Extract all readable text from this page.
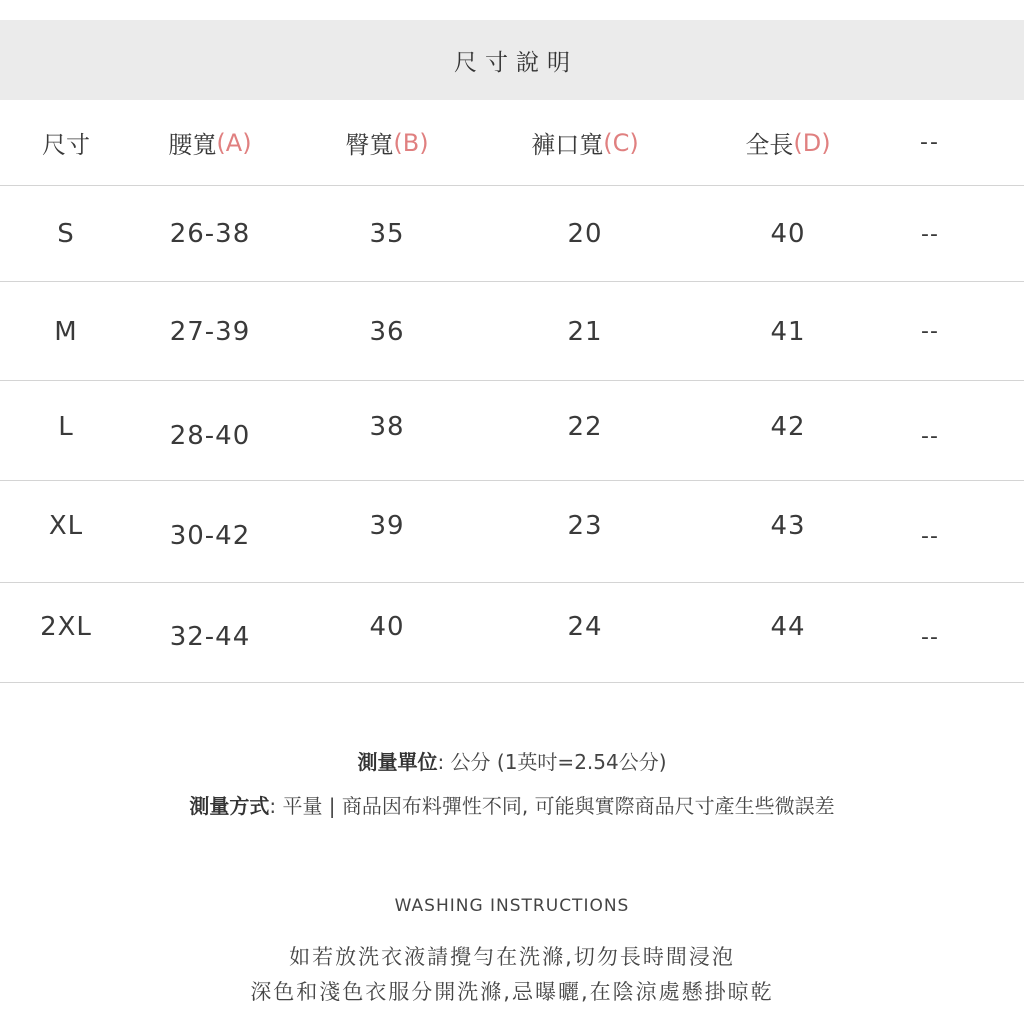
尺寸說明
尺寸	腰寬 (A)	臀寬 (B)	褲口寬 (C)	全長 (D)	--
S	26-38	35	20	40	--
M	27-39	36	21	41	--
L	28-40	38	22	42	--
XL	30-42	39	23	43	--
2XL	32-44	40	24	44	--
測量單位: 公分 (1英吋=2.54公分)
測量方式: 平量 | 商品因布料彈性不同, 可能與實際商品尺寸產生些微誤差
WASHING INSTRUCTIONS
如若放洗衣液請攪勻在洗滌,切勿長時間浸泡
深色和淺色衣服分開洗滌,忌曝曬,在陰涼處懸掛晾乾
